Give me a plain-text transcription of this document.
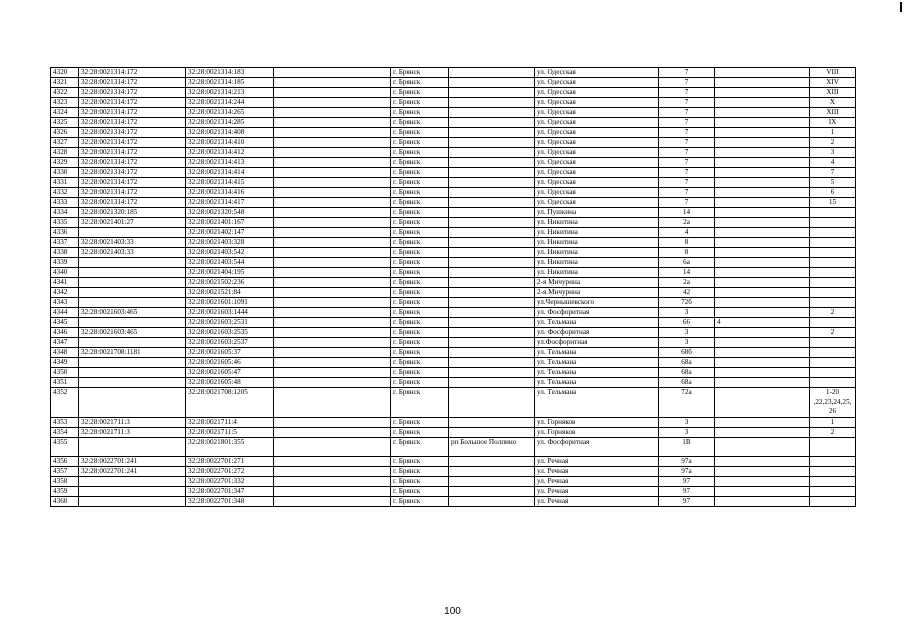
4320	32:28:0021314:172	32:28:0021314:183		г. Брянск		ул. Одесская	7		VIII
4321	32:28:0021314:172	32:28:0021314:185		г. Брянск		ул. Одесская	7		XIV
4322	32:28:0021314:172	32:28:0021314:213		г. Брянск		ул. Одесская	7		XIII
4323	32:28:0021314:172	32:28:0021314:244		г. Брянск		ул. Одесская	7		X
4324	32:28:0021314:172	32:28:0021314:265		г. Брянск		ул. Одесская	7		XIII
4325	32:28:0021314:172	32:28:0021314:285		г. Брянск		ул. Одесская	7		IX
4326	32:28:0021314:172	32:28:0021314:408		г. Брянск		ул. Одесская	7		1
4327	32:28:0021314:172	32:28:0021314:410		г. Брянск		ул. Одесская	7		2
4328	32:28:0021314:172	32:28:0021314:412		г. Брянск		ул. Одесская	7		3
4329	32:28:0021314:172	32:28:0021314:413		г. Брянск		ул. Одесская	7		4
4330	32:28:0021314:172	32:28:0021314:414		г. Брянск		ул. Одесская	7		7
4331	32:28:0021314:172	32:28:0021314:415		г. Брянск		ул. Одесская	7		5
4332	32:28:0021314:172	32:28:0021314:416		г. Брянск		ул. Одесская	7		6
4333	32:28:0021314:172	32:28:0021314:417		г. Брянск		ул. Одесская	7		15
4334	32:28:0021320:185	32:28:0021320:548		г. Брянск		ул. Пушкина	14		
4335	32:28:0021401:27	32:28:0021401:167		г. Брянск		ул. Никитина	2а		
4336		32:28:0021402:147		г. Брянск		ул. Никитина	4		
4337	32:28:0021403:33	32:28:0021403:328		г. Брянск		ул. Никитина	8		
4338	32:28:0021403:33	32:28:0021403:542		г. Брянск		ул. Никитина	8		
4339		32:28:0021403:544		г. Брянск		ул. Никитина	6а		
4340		32:28:0021404:195		г. Брянск		ул. Никитина	14		
4341		32:28:0021502:236		г. Брянск		2-я Мичурина	2а		
4342		32:28:0021521:84		г. Брянск		2-я Мичурина	42		
4343		32:28:0021601:1091		г. Брянск		ул.Чернышевского	72б		
4344	32:28:0021603:465	32:28:0021603:1444		г. Брянск		ул. Фосфоритная	3		2
4345		32:28:0021603:2531		г. Брянск		ул. Тельмана	66	4	
4346	32:28:0021603:465	32:28:0021603:2535		г. Брянск		ул. Фосфоритная	3		2
4347		32:28:0021603:2537		г. Брянск		ул.Фосфоритная	3		
4348	32:28:0021708:1181	32:28:0021605:37		г. Брянск		ул. Тельмана	68б		
4349		32:28:0021605:46		г. Брянск		ул. Тельмана	68а		
4350		32:28:0021605:47		г. Брянск		ул. Тельмана	68а		
4351		32:28:0021605:48		г. Брянск		ул. Тельмана	68а		
4352		32:28:0021708:1205		г. Брянск		ул. Тельмана	72а		1-20
,22,23,24,25,
26
4353	32:28:0021711:3	32:28:0021711:4		г. Брянск		ул. Горняков	3		1
4354	32:28:0021711:3	32:28:0021711:5		г. Брянск		ул. Горняков	3		2
4355		32:28:0021801:355		г. Брянск	рп Большое Полпино	ул. Фосфоритная	1В		
4356	32:28:0022701:241	32:28:0022701:271		г. Брянск		ул. Речная	97а		
4357	32:28:0022701:241	32:28:0022701:272		г. Брянск		ул. Речная	97а		
4358		32:28:0022701:332		г. Брянск		ул. Речная	97		
4359		32:28:0022701:347		г. Брянск		ул. Речная	97		
4360		32:28:0022701:348		г. Брянск		ул. Речная	97		
100
